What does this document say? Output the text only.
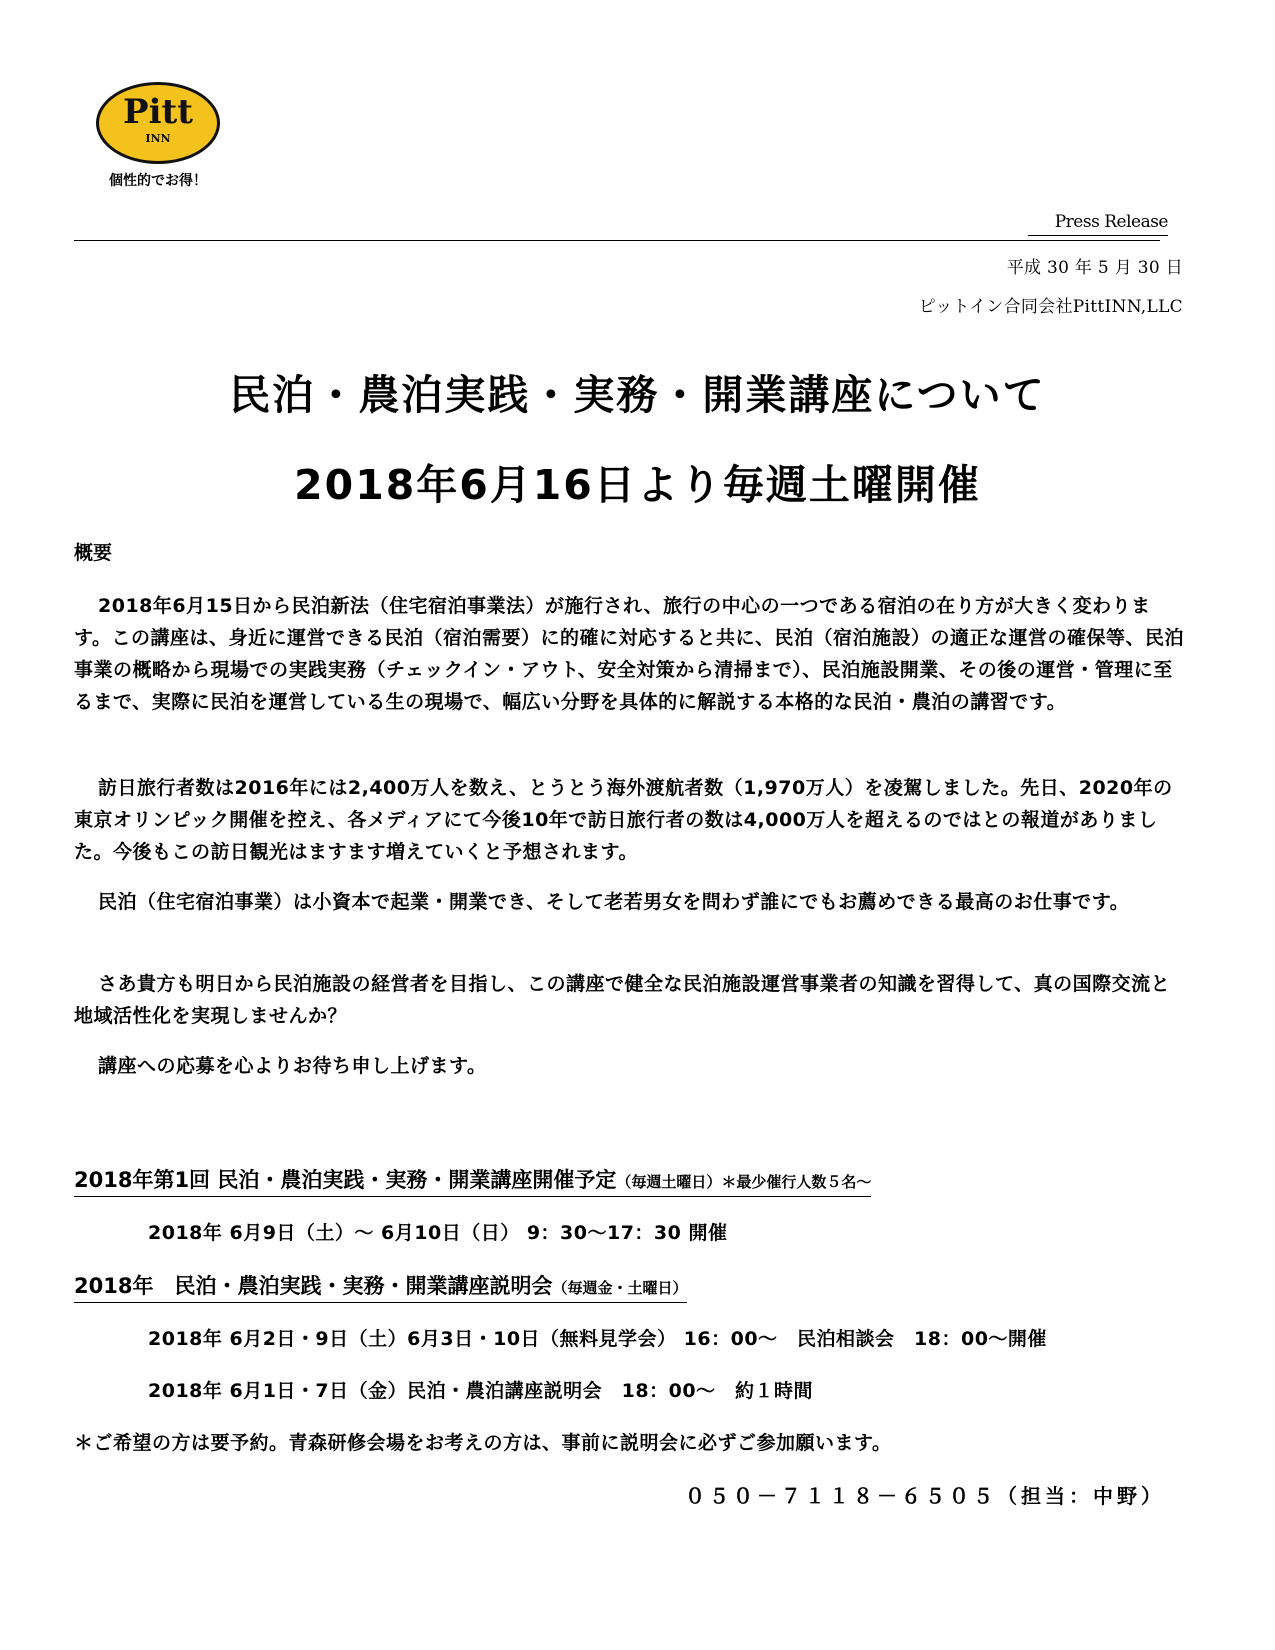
Pitt
INN
個性的でお得！
Press Release
平成 30 年 5 月 30 日
ピットイン合同会社PittINN,LLC
民泊・農泊実践・実務・開業講座について
2018年6月16日より毎週土曜開催
概要

2018年6月15日から民泊新法（住宅宿泊事業法）が施行され、旅行の中心の一つである宿泊の在り方が大きく変わります。この講座は、身近に運営できる民泊（宿泊需要）に的確に対応すると共に、民泊（宿泊施設）の適正な運営の確保等、民泊事業の概略から現場での実践実務（チェックイン・アウト、安全対策から清掃まで）、民泊施設開業、その後の運営・管理に至るまで、実際に民泊を運営している生の現場で、幅広い分野を具体的に解説する本格的な民泊・農泊の講習です。

訪日旅行者数は2016年には2,400万人を数え、とうとう海外渡航者数（1,970万人）を凌駕しました。先日、2020年の東京オリンピック開催を控え、各メディアにて今後10年で訪日旅行者の数は4,000万人を超えるのではとの報道がありました。今後もこの訪日観光はますます増えていくと予想されます。

民泊（住宅宿泊事業）は小資本で起業・開業でき、そして老若男女を問わず誰にでもお薦めできる最高のお仕事です。

さあ貴方も明日から民泊施設の経営者を目指し、この講座で健全な民泊施設運営事業者の知識を習得して、真の国際交流と地域活性化を実現しませんか？

講座への応募を心よりお待ち申し上げます。

2018年第1回 民泊・農泊実践・実務・開業講座開催予定（毎週土曜日）＊最少催行人数５名～
2018年 6月9日（土）～ 6月10日（日） 9：30～17：30 開催
2018年　民泊・農泊実践・実務・開業講座説明会（毎週金・土曜日）
2018年 6月2日・9日（土）6月3日・10日（無料見学会） 16：00～　民泊相談会　18：00～開催
2018年 6月1日・7日（金）民泊・農泊講座説明会　18：00～　約１時間
＊ご希望の方は要予約。青森研修会場をお考えの方は、事前に説明会に必ずご参加願います。
０５０－７１１８－６５０５（担当：中野）
